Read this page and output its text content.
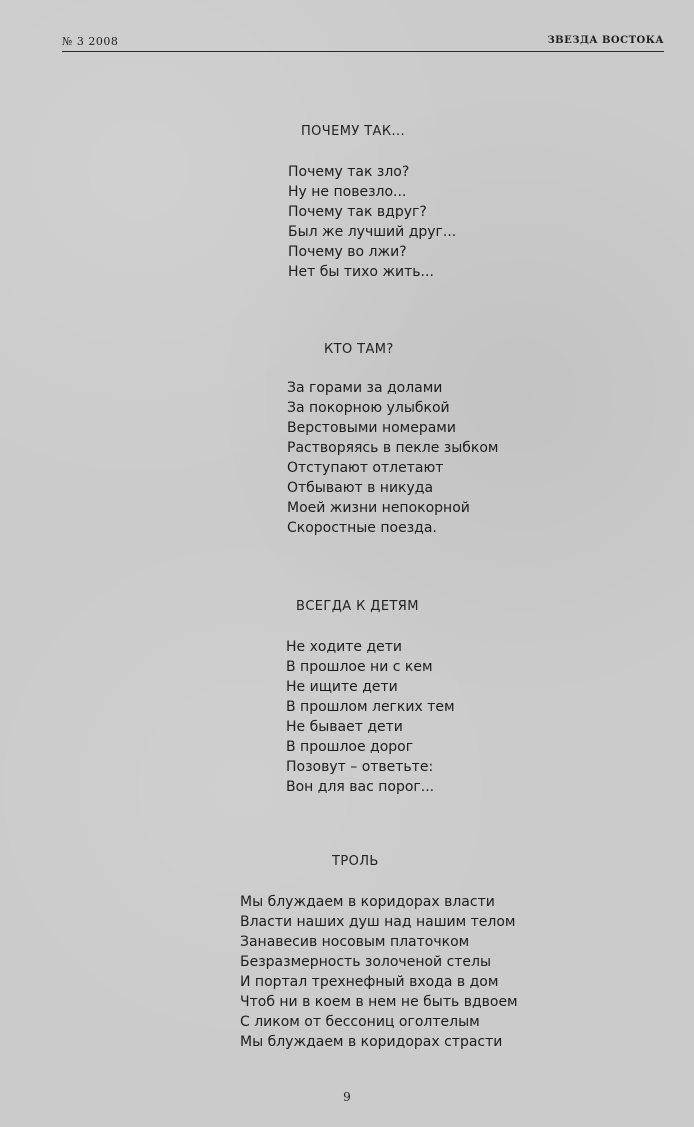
№ 3 2008	ЗВЕЗДА ВОСТОКА
ПОЧЕМУ ТАК...
Почему так зло?
Ну не повезло...
Почему так вдруг?
Был же лучший друг...
Почему во лжи?
Нет бы тихо жить...
КТО ТАМ?
За горами за долами
За покорною улыбкой
Верстовыми номерами
Растворяясь в пекле зыбком
Отступают отлетают
Отбывают в никуда
Моей жизни непокорной
Скоростные поезда.
ВСЕГДА К ДЕТЯМ
Не ходите дети
В прошлое ни с кем
Не ищите дети
В прошлом легких тем
Не бывает дети
В прошлое дорог
Позовут – ответьте:
Вон для вас порог...
ТРОЛЬ
Мы блуждаем в коридорах власти
Власти наших душ над нашим телом
Занавесив носовым платочком
Безразмерность золоченой стелы
И портал трехнефный входа в дом
Чтоб ни в коем в нем не быть вдвоем
С ликом от бессониц оголтелым
Мы блуждаем в коридорах страсти
9
